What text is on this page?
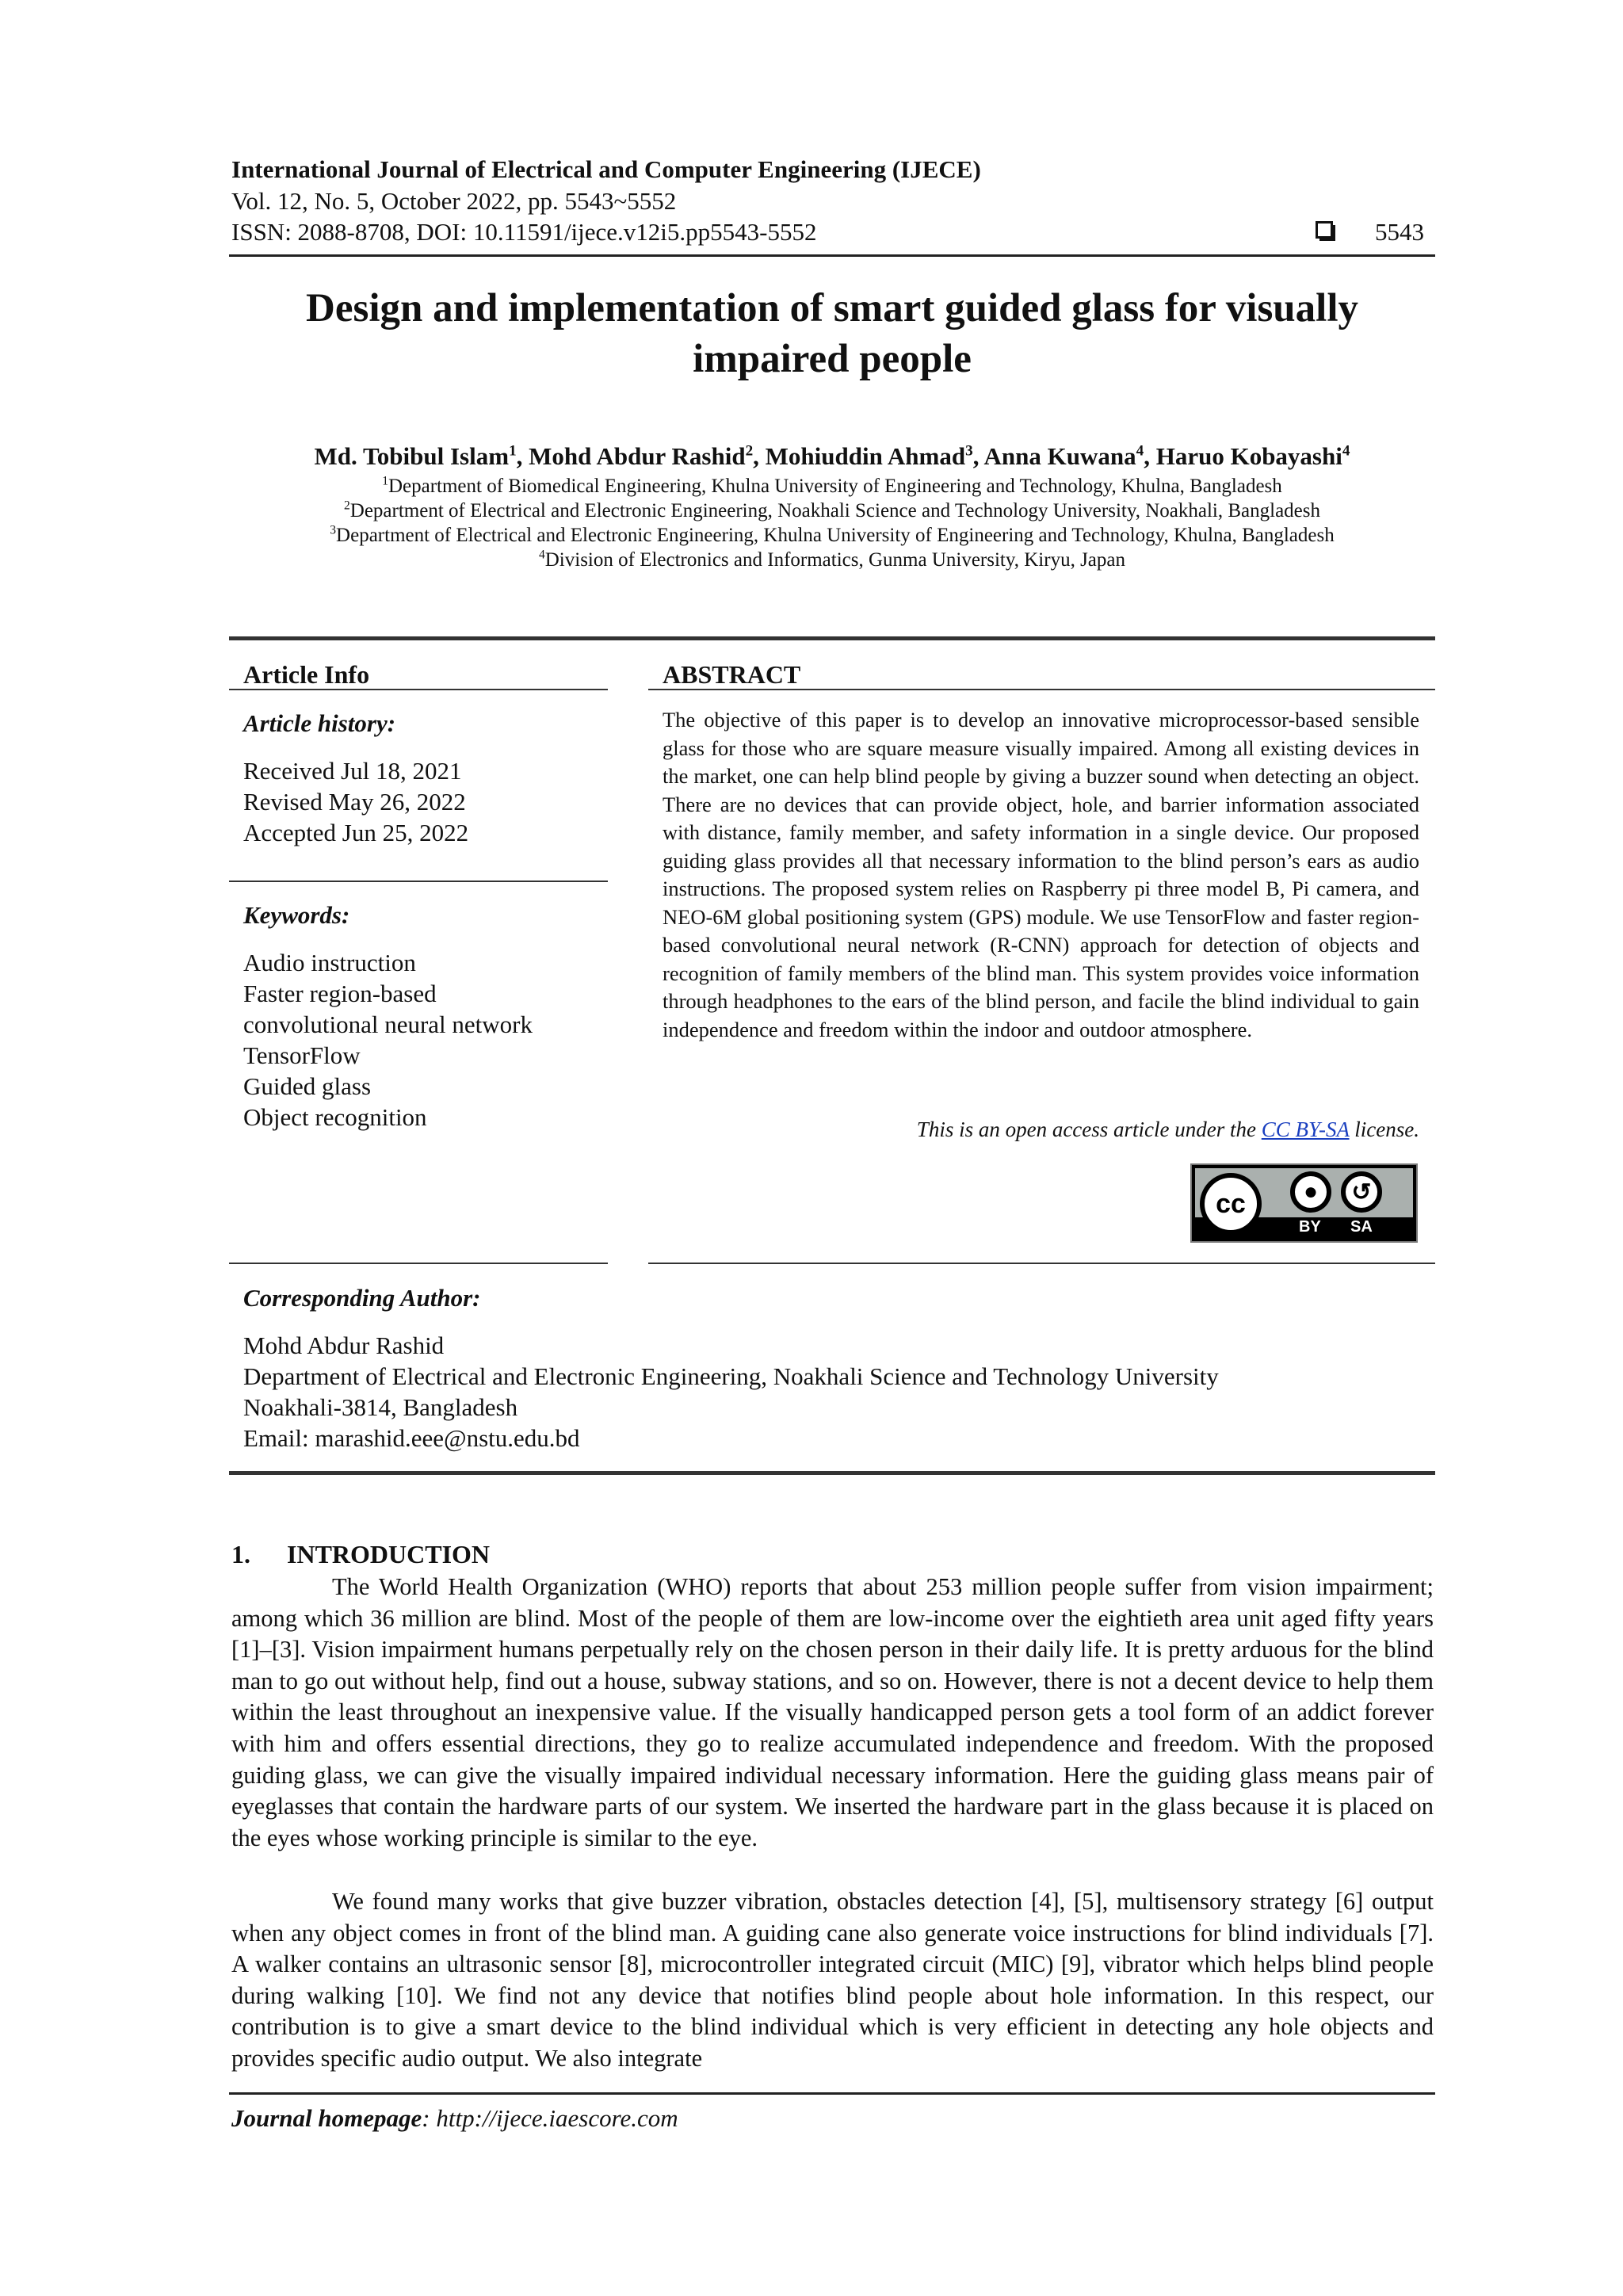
International Journal of Electrical and Computer Engineering (IJECE)
Vol. 12, No. 5, October 2022, pp. 5543~5552
ISSN: 2088-8708, DOI: 10.11591/ijece.v12i5.pp5543-5552	5543
Design and implementation of smart guided glass for visually
impaired people
Md. Tobibul Islam$^1$, Mohd Abdur Rashid$^2$, Mohiuddin Ahmad$^3$, Anna Kuwana$^4$, Haruo Kobayashi$^4$
$^1$Department of Biomedical Engineering, Khulna University of Engineering and Technology, Khulna, Bangladesh
$^2$Department of Electrical and Electronic Engineering, Noakhali Science and Technology University, Noakhali, Bangladesh
$^3$Department of Electrical and Electronic Engineering, Khulna University of Engineering and Technology, Khulna, Bangladesh
$^4$Division of Electronics and Informatics, Gunma University, Kiryu, Japan
Article Info
Article history:
Received Jul 18, 2021
Revised May 26, 2022
Accepted Jun 25, 2022
Keywords:
Audio instruction
Faster region-based
convolutional neural network
TensorFlow
Guided glass
Object recognition
ABSTRACT
The objective of this paper is to develop an innovative microprocessor-based sensible glass for those who are square measure visually impaired. Among all existing devices in the market, one can help blind people by giving a buzzer sound when detecting an object. There are no devices that can provide object, hole, and barrier information associated with distance, family member, and safety information in a single device. Our proposed guiding glass provides all that necessary information to the blind person’s ears as audio instructions. The proposed system relies on Raspberry pi three model B, Pi camera, and NEO-6M global positioning system (GPS) module. We use TensorFlow and faster region-based convolutional neural network (R-CNN) approach for detection of objects and recognition of family members of the blind man. This system provides voice information through headphones to the ears of the blind person, and facile the blind individual to gain independence and freedom within the indoor and outdoor atmosphere.
This is an open access article under the CC BY-SA license.
cc	●	↺
BY SA
Corresponding Author:
Mohd Abdur Rashid
Department of Electrical and Electronic Engineering, Noakhali Science and Technology University
Noakhali-3814, Bangladesh
Email: marashid.eee@nstu.edu.bd
1. INTRODUCTION
The World Health Organization (WHO) reports that about 253 million people suffer from vision impairment; among which 36 million are blind. Most of the people of them are low-income over the eightieth area unit aged fifty years [1]–[3]. Vision impairment humans perpetually rely on the chosen person in their daily life. It is pretty arduous for the blind man to go out without help, find out a house, subway stations, and so on. However, there is not a decent device to help them within the least throughout an inexpensive value. If the visually handicapped person gets a tool form of an addict forever with him and offers essential directions, they go to realize accumulated independence and freedom. With the proposed guiding glass, we can give the visually impaired individual necessary information. Here the guiding glass means pair of eyeglasses that contain the hardware parts of our system. We inserted the hardware part in the glass because it is placed on the eyes whose working principle is similar to the eye.
We found many works that give buzzer vibration, obstacles detection [4], [5], multisensory strategy [6] output when any object comes in front of the blind man. A guiding cane also generate voice instructions for blind individuals [7]. A walker contains an ultrasonic sensor [8], microcontroller integrated circuit (MIC) [9], vibrator which helps blind people during walking [10]. We find not any device that notifies blind people about hole information. In this respect, our contribution is to give a smart device to the blind individual which is very efficient in detecting any hole objects and provides specific audio output. We also integrate
Journal homepage: http://ijece.iaescore.com
